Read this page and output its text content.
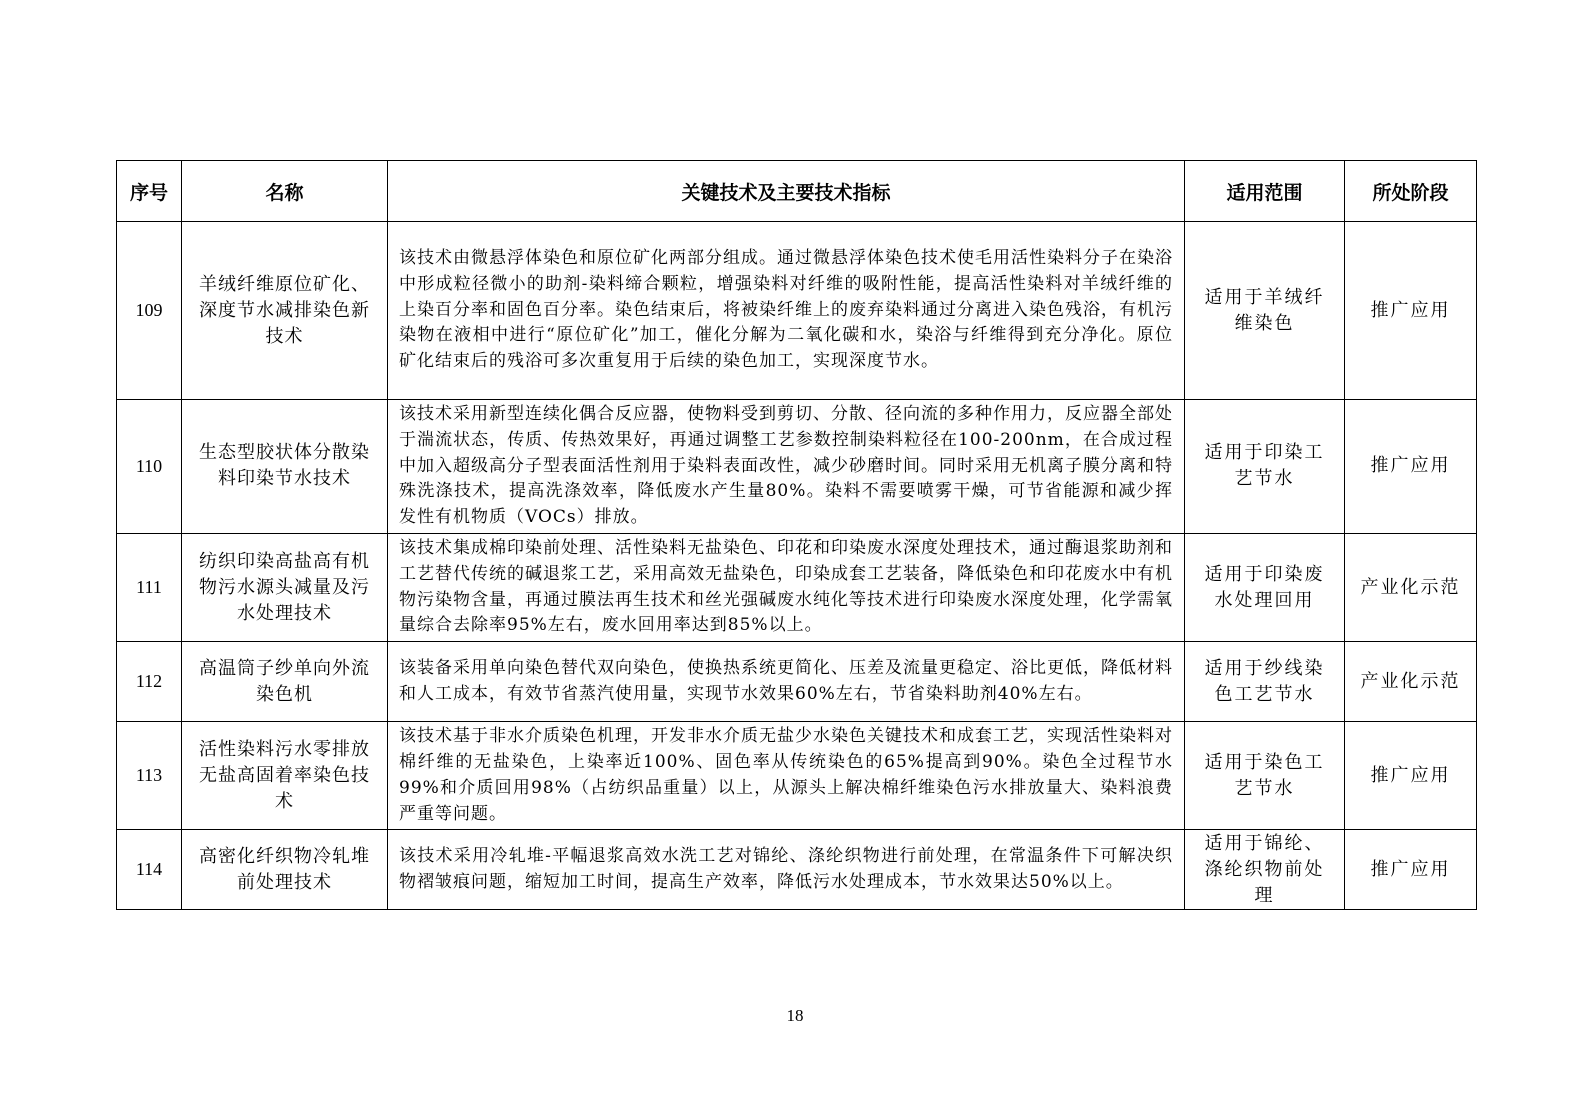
序号	名称	关键技术及主要技术指标	适用范围	所处阶段
109	羊绒纤维原位矿化、深度节水减排染色新技术	该技术由微悬浮体染色和原位矿化两部分组成。通过微悬浮体染色技术使毛用活性染料分子在染浴中形成粒径微小的助剂-染料缔合颗粒，增强染料对纤维的吸附性能，提高活性染料对羊绒纤维的上染百分率和固色百分率。染色结束后，将被染纤维上的废弃染料通过分离进入染色残浴，有机污染物在液相中进行“原位矿化”加工，催化分解为二氧化碳和水，染浴与纤维得到充分净化。原位矿化结束后的残浴可多次重复用于后续的染色加工，实现深度节水。	适用于羊绒纤维染色	推广应用
110	生态型胶状体分散染料印染节水技术	该技术采用新型连续化偶合反应器，使物料受到剪切、分散、径向流的多种作用力，反应器全部处于湍流状态，传质、传热效果好，再通过调整工艺参数控制染料粒径在100-200nm，在合成过程中加入超级高分子型表面活性剂用于染料表面改性，减少砂磨时间。同时采用无机离子膜分离和特殊洗涤技术，提高洗涤效率，降低废水产生量80%。染料不需要喷雾干燥，可节省能源和减少挥发性有机物质（VOCs）排放。	适用于印染工艺节水	推广应用
111	纺织印染高盐高有机物污水源头减量及污水处理技术	该技术集成棉印染前处理、活性染料无盐染色、印花和印染废水深度处理技术，通过酶退浆助剂和工艺替代传统的碱退浆工艺，采用高效无盐染色，印染成套工艺装备，降低染色和印花废水中有机物污染物含量，再通过膜法再生技术和丝光强碱废水纯化等技术进行印染废水深度处理，化学需氧量综合去除率95%左右，废水回用率达到85%以上。	适用于印染废水处理回用	产业化示范
112	高温筒子纱单向外流染色机	该装备采用单向染色替代双向染色，使换热系统更简化、压差及流量更稳定、浴比更低，降低材料和人工成本，有效节省蒸汽使用量，实现节水效果60%左右，节省染料助剂40%左右。	适用于纱线染色工艺节水	产业化示范
113	活性染料污水零排放无盐高固着率染色技术	该技术基于非水介质染色机理，开发非水介质无盐少水染色关键技术和成套工艺，实现活性染料对棉纤维的无盐染色，上染率近100%、固色率从传统染色的65%提高到90%。染色全过程节水99%和介质回用98%（占纺织品重量）以上，从源头上解决棉纤维染色污水排放量大、染料浪费严重等问题。	适用于染色工艺节水	推广应用
114	高密化纤织物冷轧堆前处理技术	该技术采用冷轧堆-平幅退浆高效水洗工艺对锦纶、涤纶织物进行前处理，在常温条件下可解决织物褶皱痕问题，缩短加工时间，提高生产效率，降低污水处理成本，节水效果达50%以上。	适用于锦纶、涤纶织物前处理	推广应用
18
